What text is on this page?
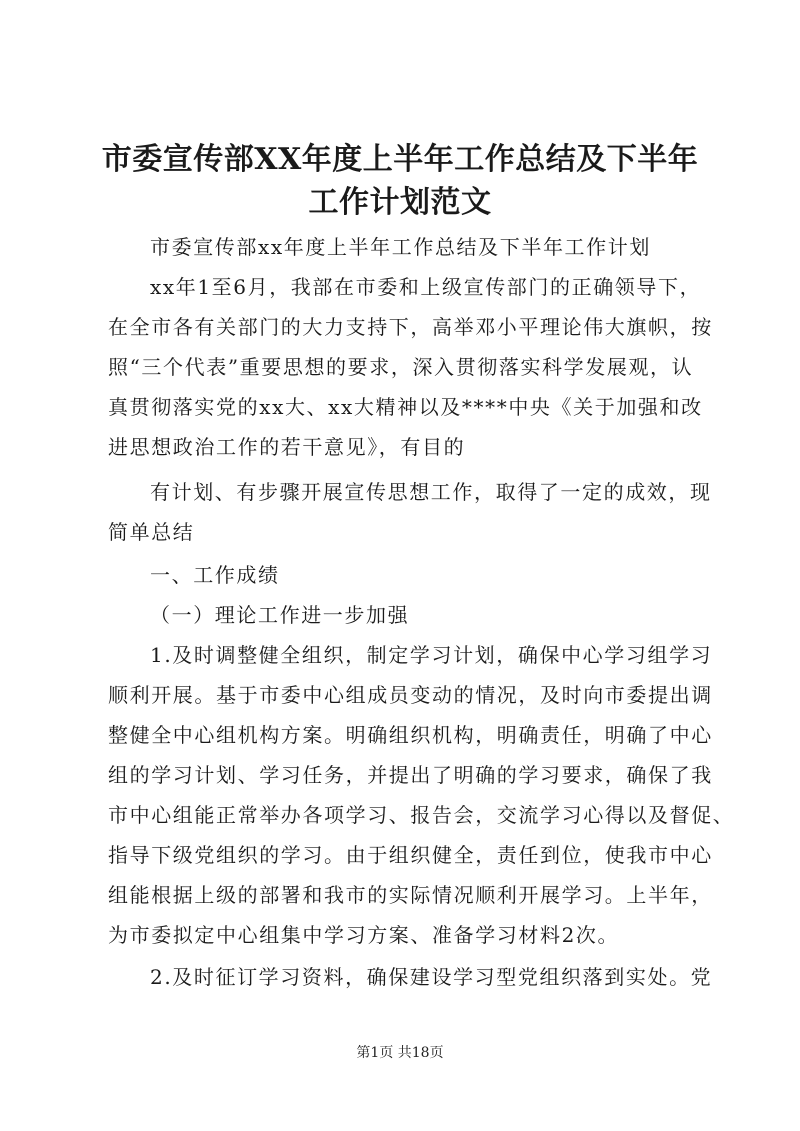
市委宣传部XX年度上半年工作总结及下半年
工作计划范文
市委宣传部xx年度上半年工作总结及下半年工作计划
xx年1至6月，我部在市委和上级宣传部门的正确领导下，
在全市各有关部门的大力支持下，高举邓小平理论伟大旗帜，按
照“三个代表”重要思想的要求，深入贯彻落实科学发展观，认
真贯彻落实党的xx大、xx大精神以及****中央《关于加强和改
进思想政治工作的若干意见》，有目的
有计划、有步骤开展宣传思想工作，取得了一定的成效，现
简单总结
一、工作成绩
（一）理论工作进一步加强
1.及时调整健全组织，制定学习计划，确保中心学习组学习
顺利开展。基于市委中心组成员变动的情况，及时向市委提出调
整健全中心组机构方案。明确组织机构，明确责任，明确了中心
组的学习计划、学习任务，并提出了明确的学习要求，确保了我
市中心组能正常举办各项学习、报告会，交流学习心得以及督促、
指导下级党组织的学习。由于组织健全，责任到位，使我市中心
组能根据上级的部署和我市的实际情况顺利开展学习。上半年，
为市委拟定中心组集中学习方案、准备学习材料2次。
2.及时征订学习资料，确保建设学习型党组织落到实处。党
第1页 共18页
